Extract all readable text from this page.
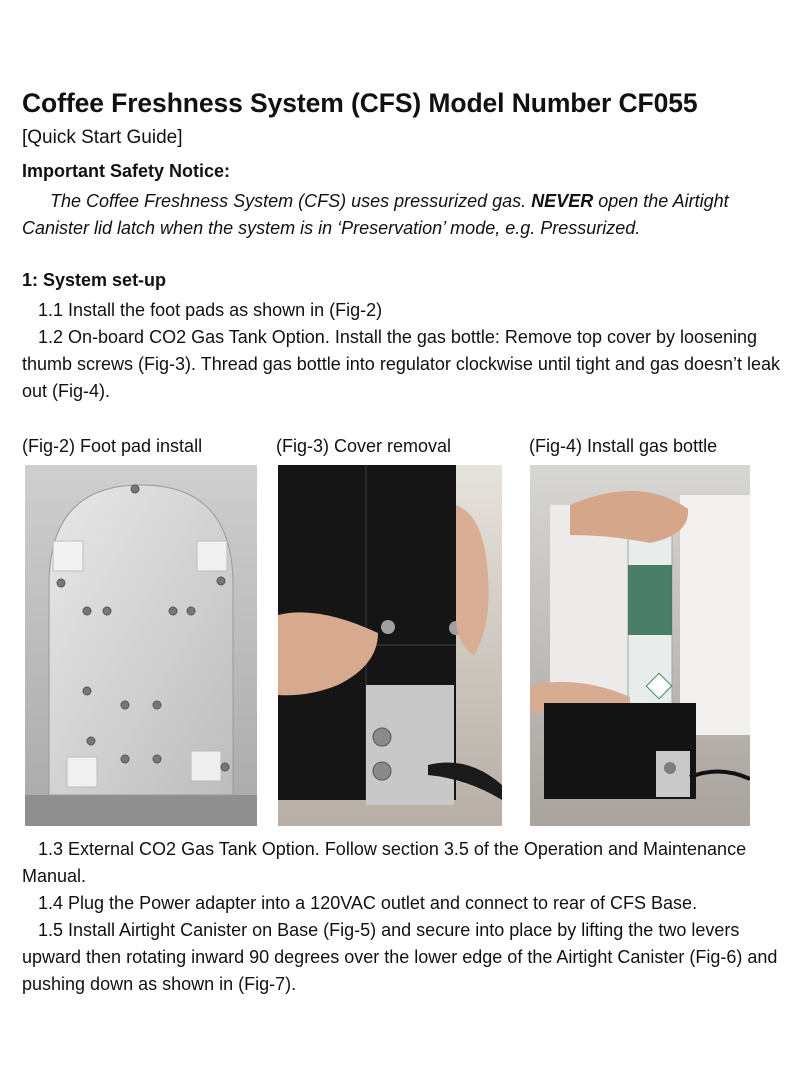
Coffee Freshness System (CFS) Model Number CF055
[Quick Start Guide]
Important Safety Notice:
The Coffee Freshness System (CFS) uses pressurized gas. NEVER open the Airtight Canister lid latch when the system is in ‘Preservation’ mode, e.g. Pressurized.
1: System set-up
1.1 Install the foot pads as shown in (Fig-2)
1.2 On-board CO2 Gas Tank Option. Install the gas bottle: Remove top cover by loosening thumb screws (Fig-3). Thread gas bottle into regulator clockwise until tight and gas doesn’t leak out (Fig-4).
(Fig-2) Foot pad install	(Fig-3) Cover removal	(Fig-4) Install gas bottle
1.3 External CO2 Gas Tank Option. Follow section 3.5 of the Operation and Maintenance Manual.
1.4 Plug the Power adapter into a 120VAC outlet and connect to rear of CFS Base.
1.5 Install Airtight Canister on Base (Fig-5) and secure into place by lifting the two levers upward then rotating inward 90 degrees over the lower edge of the Airtight Canister (Fig-6) and pushing down as shown in (Fig-7).
